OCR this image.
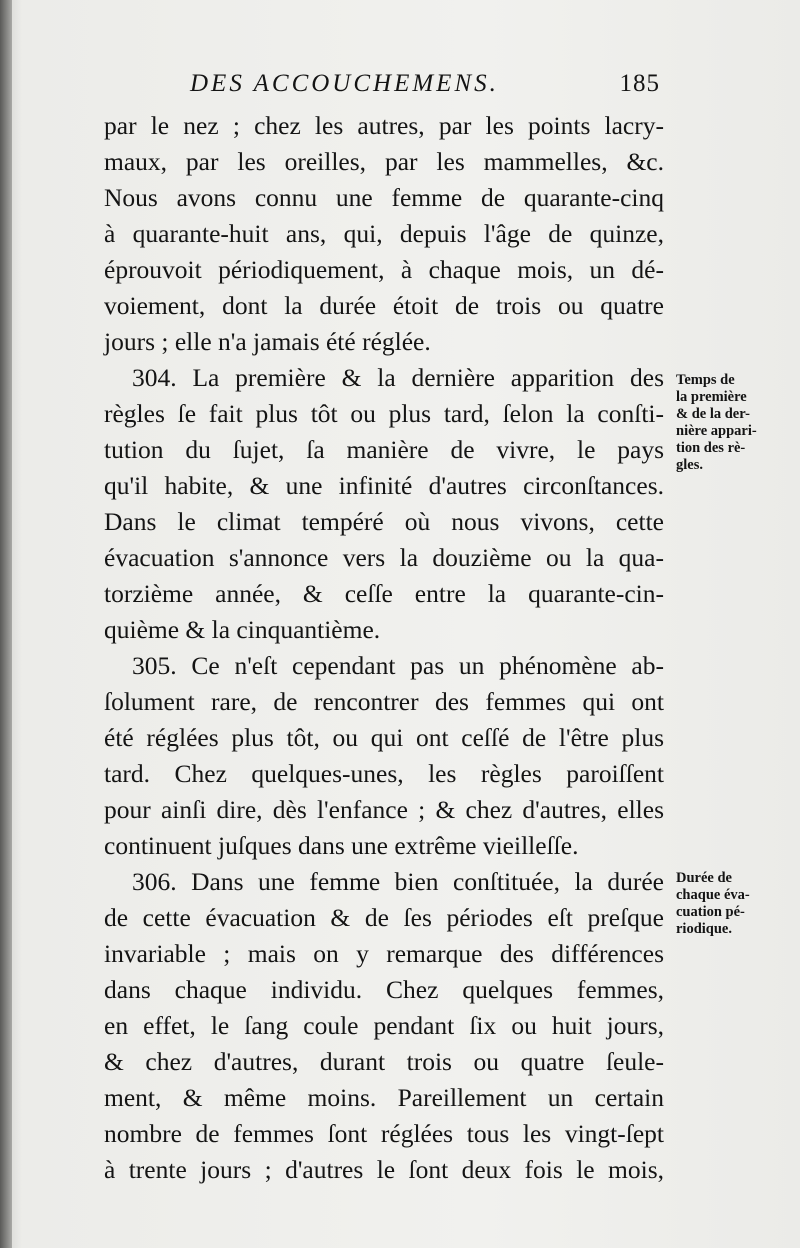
DES ACCOUCHEMENS.	185
par le nez ; chez les autres, par les points lacry-
maux, par les oreilles, par les mammelles, &c.
Nous avons connu une femme de quarante-cinq
à quarante-huit ans, qui, depuis l'âge de quinze,
éprouvoit périodiquement, à chaque mois, un dé-
voiement, dont la durée étoit de trois ou quatre
jours ; elle n'a jamais été réglée.
304. La première & la dernière apparition des
règles ſe fait plus tôt ou plus tard, ſelon la conſti-
tution du ſujet, ſa manière de vivre, le pays
qu'il habite, & une infinité d'autres circonſtances.
Dans le climat tempéré où nous vivons, cette
évacuation s'annonce vers la douzième ou la qua-
torzième année, & ceſſe entre la quarante-cin-
quième & la cinquantième.
305. Ce n'eſt cependant pas un phénomène ab-
ſolument rare, de rencontrer des femmes qui ont
été réglées plus tôt, ou qui ont ceſſé de l'être plus
tard. Chez quelques-unes, les règles paroiſſent
pour ainſi dire, dès l'enfance ; & chez d'autres, elles
continuent juſques dans une extrême vieilleſſe.
306. Dans une femme bien conſtituée, la durée
de cette évacuation & de ſes périodes eſt preſque
invariable ; mais on y remarque des différences
dans chaque individu. Chez quelques femmes,
en effet, le ſang coule pendant ſix ou huit jours,
& chez d'autres, durant trois ou quatre ſeule-
ment, & même moins. Pareillement un certain
nombre de femmes ſont réglées tous les vingt-ſept
à trente jours ; d'autres le ſont deux fois le mois,
Temps de
la première
& de la der-
nière appari-
tion des rè-
gles.
Durée de
chaque éva-
cuation pé-
riodique.
